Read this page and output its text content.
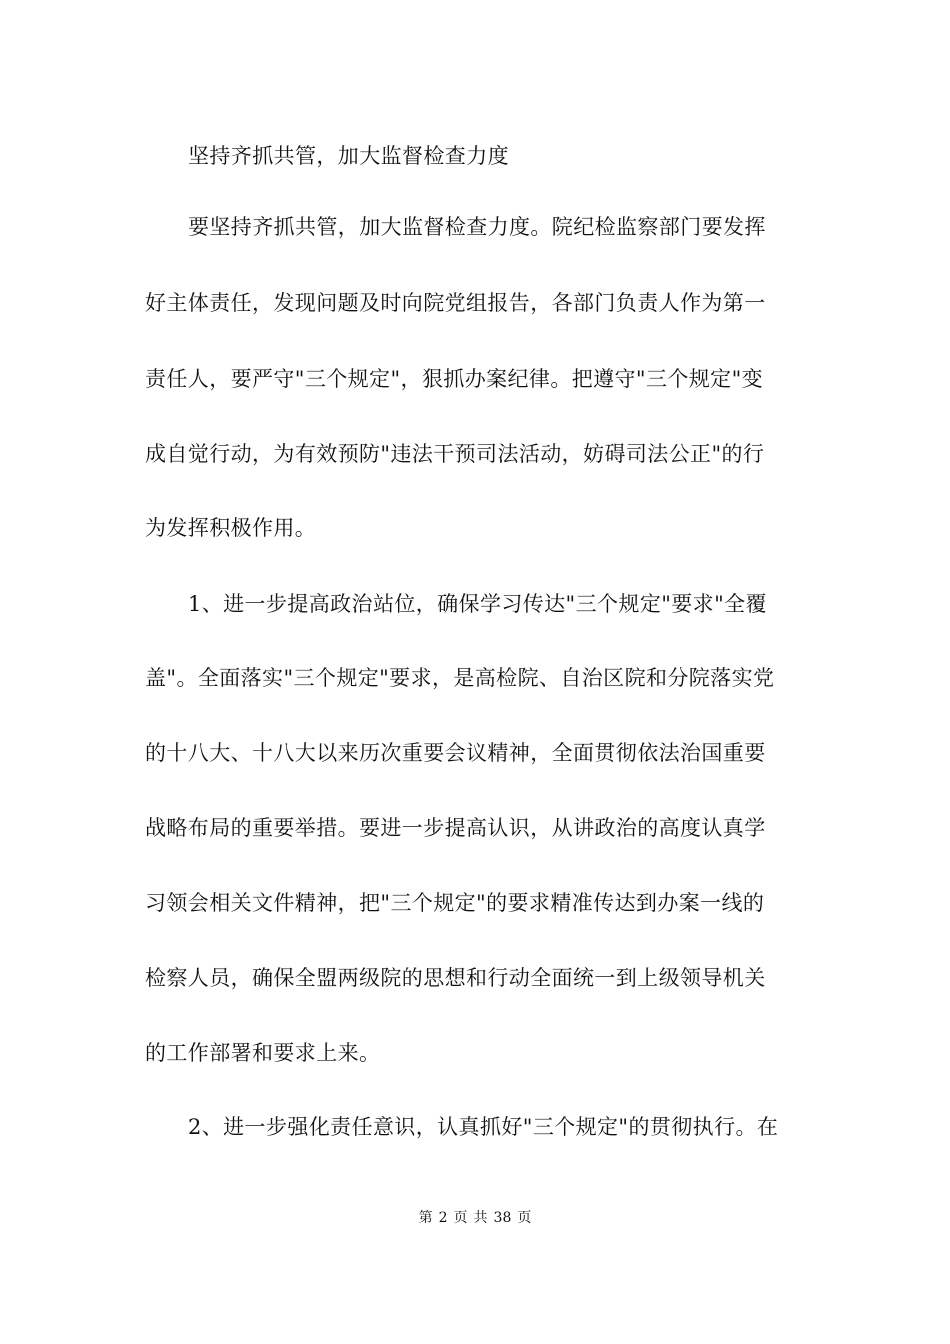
坚持齐抓共管，加大监督检查力度
要坚持齐抓共管，加大监督检查力度。院纪检监察部门要发挥
好主体责任，发现问题及时向院党组报告，各部门负责人作为第一
责任人，要严守"三个规定"，狠抓办案纪律。把遵守"三个规定"变
成自觉行动，为有效预防"违法干预司法活动，妨碍司法公正"的行
为发挥积极作用。
1、进一步提高政治站位，确保学习传达"三个规定"要求"全覆
盖"。全面落实"三个规定"要求，是高检院、自治区院和分院落实党
的十八大、十八大以来历次重要会议精神，全面贯彻依法治国重要
战略布局的重要举措。要进一步提高认识，从讲政治的高度认真学
习领会相关文件精神，把"三个规定"的要求精准传达到办案一线的
检察人员，确保全盟两级院的思想和行动全面统一到上级领导机关
的工作部署和要求上来。
2、进一步强化责任意识，认真抓好"三个规定"的贯彻执行。在
第 2 页 共 38 页
